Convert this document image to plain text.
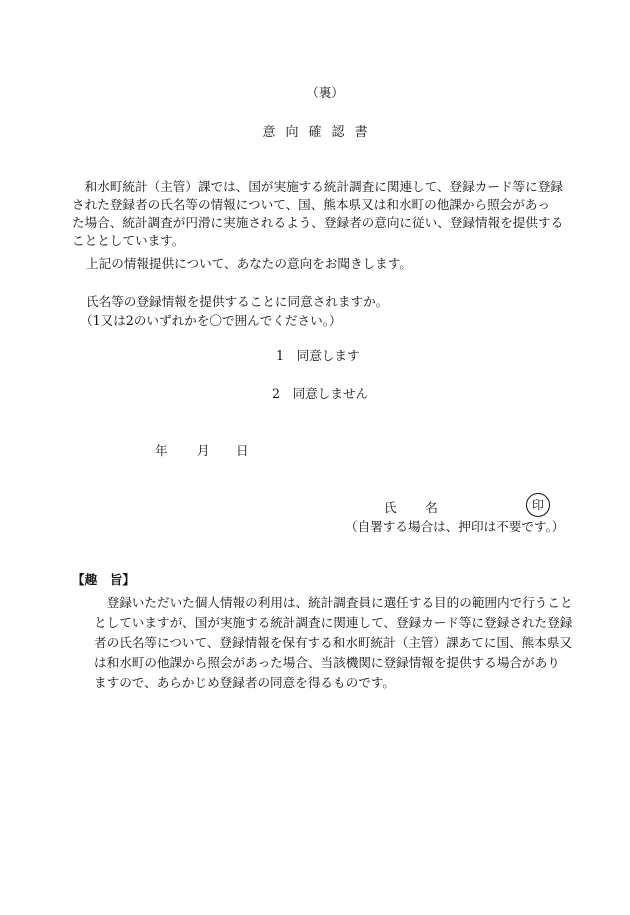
（裏）
意向確認書
　和水町統計（主管）課では、国が実施する統計調査に関連して、登録カード等に登録
された登録者の氏名等の情報について、国、熊本県又は和水町の他課から照会があっ
た場合、統計調査が円滑に実施されるよう、登録者の意向に従い、登録情報を提供する
こととしています。
上記の情報提供について、あなたの意向をお聞きします。
氏名等の登録情報を提供することに同意されますか。
（1又は2のいずれかを〇で囲んでください。）
1　同意します
2　同意しません
年 月 日
氏　名	印
（自署する場合は、押印は不要です。）
【趣　旨】
　登録いただいた個人情報の利用は、統計調査員に選任する目的の範囲内で行うこと
としていますが、国が実施する統計調査に関連して、登録カード等に登録された登録
者の氏名等について、登録情報を保有する和水町統計（主管）課あてに国、熊本県又
は和水町の他課から照会があった場合、当該機関に登録情報を提供する場合があり
ますので、あらかじめ登録者の同意を得るものです。
